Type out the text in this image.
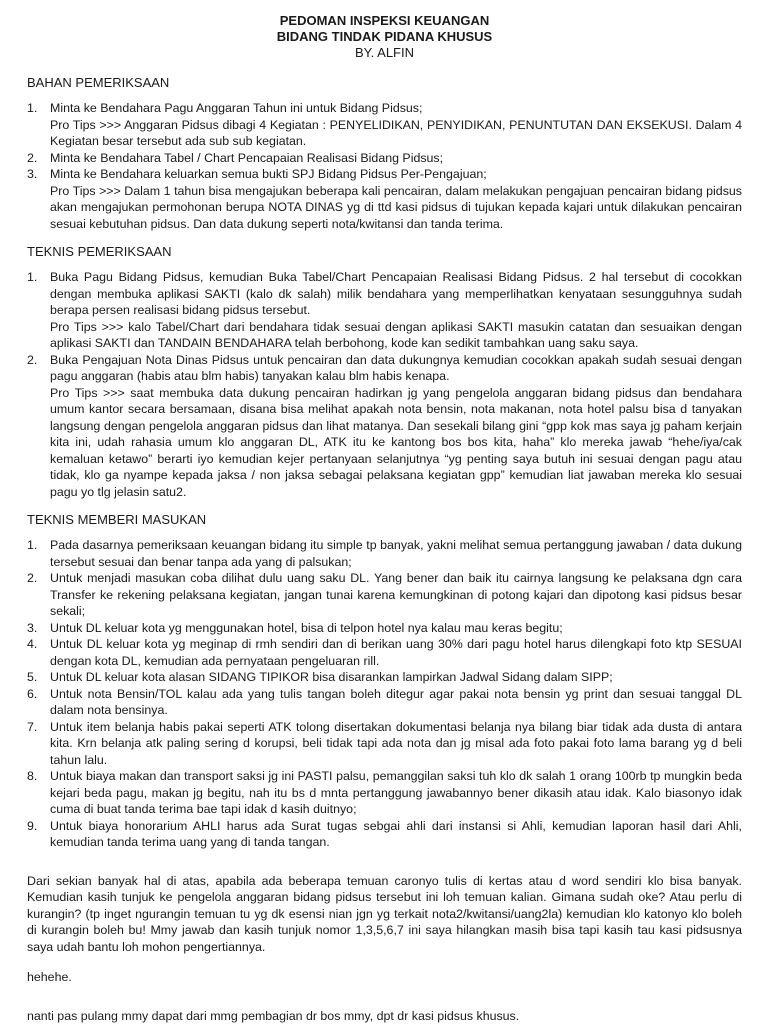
PEDOMAN INSPEKSI KEUANGAN
BIDANG TINDAK PIDANA KHUSUS
BY. ALFIN
BAHAN PEMERIKSAAN
1.	Minta ke Bendahara Pagu Anggaran Tahun ini untuk Bidang Pidsus;

Pro Tips >>> Anggaran Pidsus dibagi 4 Kegiatan : PENYELIDIKAN, PENYIDIKAN, PENUNTUTAN DAN EKSEKUSI. Dalam 4 Kegiatan besar tersebut ada sub sub kegiatan.

2.	Minta ke Bendahara Tabel / Chart Pencapaian Realisasi Bidang Pidsus;

3.	Minta ke Bendahara keluarkan semua bukti SPJ Bidang Pidsus Per-Pengajuan;

Pro Tips >>> Dalam 1 tahun bisa mengajukan beberapa kali pencairan, dalam melakukan pengajuan pencairan bidang pidsus akan mengajukan permohonan berupa NOTA DINAS yg di ttd kasi pidsus di tujukan kepada kajari untuk dilakukan pencairan sesuai kebutuhan pidsus. Dan data dukung seperti nota/kwitansi dan tanda terima.

TEKNIS PEMERIKSAAN
1.	Buka Pagu Bidang Pidsus, kemudian Buka Tabel/Chart Pencapaian Realisasi Bidang Pidsus. 2 hal tersebut di cocokkan dengan membuka aplikasi SAKTI (kalo dk salah) milik bendahara yang memperlihatkan kenyataan sesungguhnya sudah berapa persen realisasi bidang pidsus tersebut.

Pro Tips >>> kalo Tabel/Chart dari bendahara tidak sesuai dengan aplikasi SAKTI masukin catatan dan sesuaikan dengan aplikasi SAKTI dan TANDAIN BENDAHARA telah berbohong, kode kan sedikit tambahkan uang saku saya.

2.	Buka Pengajuan Nota Dinas Pidsus untuk pencairan dan data dukungnya kemudian cocokkan apakah sudah sesuai dengan pagu anggaran (habis atau blm habis) tanyakan kalau blm habis kenapa.

Pro Tips >>> saat membuka data dukung pencairan hadirkan jg yang pengelola anggaran bidang pidsus dan bendahara umum kantor secara bersamaan, disana bisa melihat apakah nota bensin, nota makanan, nota hotel palsu bisa d tanyakan langsung dengan pengelola anggaran pidsus dan lihat matanya. Dan sesekali bilang gini “gpp kok mas saya jg paham kerjain kita ini, udah rahasia umum klo anggaran DL, ATK itu ke kantong bos bos kita, haha” klo mereka jawab “hehe/iya/cak kemaluan ketawo” berarti iyo kemudian kejer pertanyaan selanjutnya “yg penting saya butuh ini sesuai dengan pagu atau tidak, klo ga nyampe kepada jaksa / non jaksa sebagai pelaksana kegiatan gpp” kemudian liat jawaban mereka klo sesuai pagu yo tlg jelasin satu2.

TEKNIS MEMBERI MASUKAN
1.	Pada dasarnya pemeriksaan keuangan bidang itu simple tp banyak, yakni melihat semua pertanggung jawaban / data dukung tersebut sesuai dan benar tanpa ada yang di palsukan;

2.	Untuk menjadi masukan coba dilihat dulu uang saku DL. Yang bener dan baik itu cairnya langsung ke pelaksana dgn cara Transfer ke rekening pelaksana kegiatan, jangan tunai karena kemungkinan di potong kajari dan dipotong kasi pidsus besar sekali;

3.	Untuk DL keluar kota yg menggunakan hotel, bisa di telpon hotel nya kalau mau keras begitu;

4.	Untuk DL keluar kota yg meginap di rmh sendiri dan di berikan uang 30% dari pagu hotel harus dilengkapi foto ktp SESUAI dengan kota DL, kemudian ada pernyataan pengeluaran rill.

5.	Untuk DL keluar kota alasan SIDANG TIPIKOR bisa disarankan lampirkan Jadwal Sidang dalam SIPP;

6.	Untuk nota Bensin/TOL kalau ada yang tulis tangan boleh ditegur agar pakai nota bensin yg print dan sesuai tanggal DL dalam nota bensinya.

7.	Untuk item belanja habis pakai seperti ATK tolong disertakan dokumentasi belanja nya bilang biar tidak ada dusta di antara kita. Krn belanja atk paling sering d korupsi, beli tidak tapi ada nota dan jg misal ada foto pakai foto lama barang yg d beli tahun lalu.

8.	Untuk biaya makan dan transport saksi jg ini PASTI palsu, pemanggilan saksi tuh klo dk salah 1 orang 100rb tp mungkin beda kejari beda pagu, makan jg begitu, nah itu bs d mnta pertanggung jawabannyo bener dikasih atau idak. Kalo biasonyo idak cuma di buat tanda terima bae tapi idak d kasih duitnyo;

9.	Untuk biaya honorarium AHLI harus ada Surat tugas sebgai ahli dari instansi si Ahli, kemudian laporan hasil dari Ahli, kemudian tanda terima uang yang di tanda tangan.

Dari sekian banyak hal di atas, apabila ada beberapa temuan caronyo tulis di kertas atau d word sendiri klo bisa banyak. Kemudian kasih tunjuk ke pengelola anggaran bidang pidsus tersebut ini loh temuan kalian. Gimana sudah oke? Atau perlu di kurangin? (tp inget ngurangin temuan tu yg dk esensi nian jgn yg terkait nota2/kwitansi/uang2la) kemudian klo katonyo klo boleh di kurangin boleh bu! Mmy jawab dan kasih tunjuk nomor 1,3,5,6,7 ini saya hilangkan masih bisa tapi kasih tau kasi pidsusnya saya udah bantu loh mohon pengertiannya.

hehehe.

nanti pas pulang mmy dapat dari mmg pembagian dr bos mmy, dpt dr kasi pidsus khusus.
